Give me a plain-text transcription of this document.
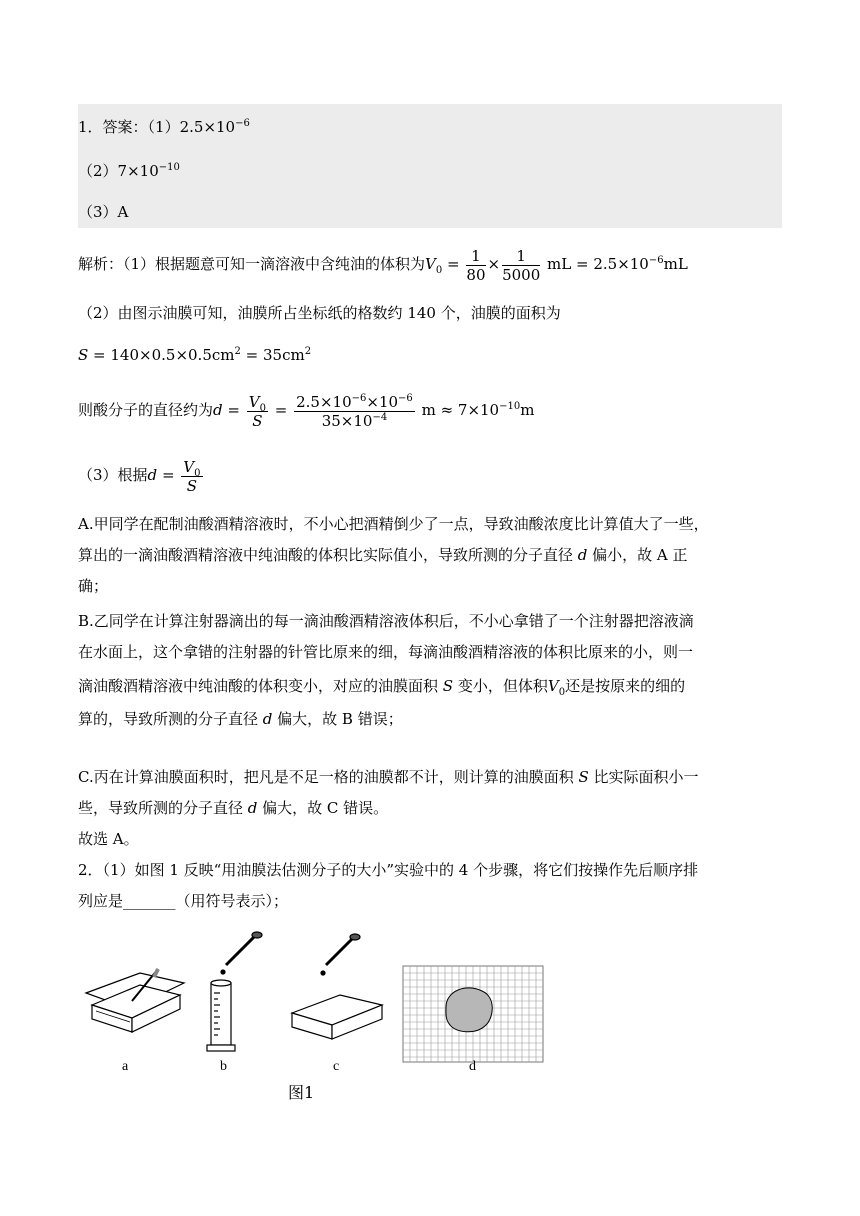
1．答案：$(1)2.5\times 10^{-6}$
$(2)7\times 10^{-10}$
（3）A
解析：（1）根据题意可知一滴溶液中含纯油的体积为$V_0 = \frac{1}{80} \times \frac{1}{5000}$ mL = $2.5\times 10^{-6}mL$
（2）由图示油膜可知，油膜所占坐标纸的格数约 140 个，油膜的面积为
$S = 140\times 0.5\times 0.5cm^2 = 35cm^2$
则酸分子的直径约为$d = \frac{V_0}{S} = \frac{2.5\times 10^{-6}\times 10^{-6}}{35\times 10^{-4}}$ $m \approx 7\times 10^{-10}m$
（3）根据$d = \frac{V_0}{S}$
A.甲同学在配制油酸酒精溶液时，不小心把酒精倒少了一点，导致油酸浓度比计算值大了一些，
算出的一滴油酸酒精溶液中纯油酸的体积比实际值小，导致所测的分子直径 d 偏小，故 A 正
确；
B.乙同学在计算注射器滴出的每一滴油酸酒精溶液体积后，不小心拿错了一个注射器把溶液滴
在水面上，这个拿错的注射器的针管比原来的细，每滴油酸酒精溶液的体积比原来的小，则一
滴油酸酒精溶液中纯油酸的体积变小，对应的油膜面积 S 变小，但体积$V_0$还是按原来的细的
算的，导致所测的分子直径 d 偏大，故 B 错误；
C.丙在计算油膜面积时，把凡是不足一格的油膜都不计，则计算的油膜面积 S 比实际面积小一
些，导致所测的分子直径 d 偏大，故 C 错误。
故选 A。
2．（1）如图 1 反映“用油膜法估测分子的大小”实验中的 4 个步骤，将它们按操作先后顺序排
列应是_______（用符号表示）；
a	b	c	d
图1
